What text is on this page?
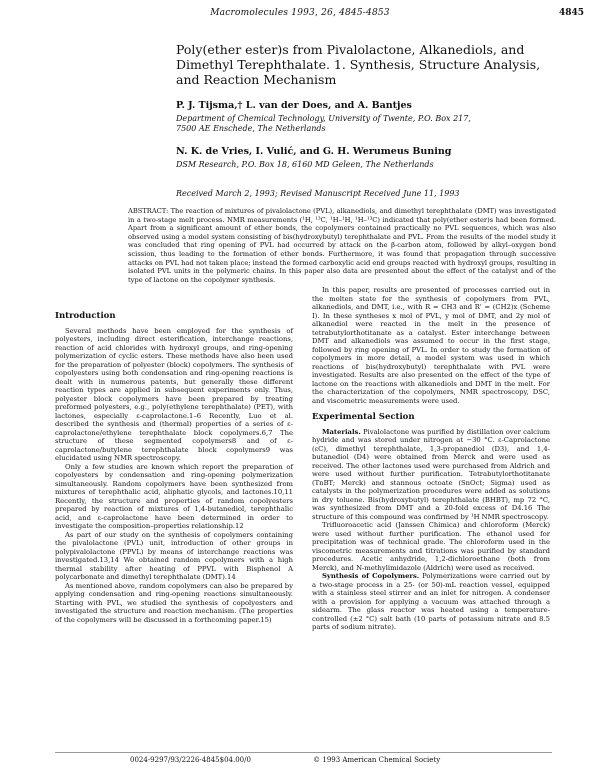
Macromolecules 1993, 26, 4845-4853	4845
Poly(ether ester)s from Pivalolactone, Alkanediols, and Dimethyl Terephthalate. 1. Synthesis, Structure Analysis, and Reaction Mechanism

P. J. Tijsma,† L. van der Does, and A. Bantjes

Department of Chemical Technology, University of Twente, P.O. Box 217,

7500 AE Enschede, The Netherlands

N. K. de Vries, I. Vulić, and G. H. Werumeus Buning

DSM Research, P.O. Box 18, 6160 MD Geleen, The Netherlands

Received March 2, 1993; Revised Manuscript Received June 11, 1993

ABSTRACT: The reaction of mixtures of pivalolactone (PVL), alkanediols, and dimethyl terephthalate (DMT) was investigated in a two-stage melt process. NMR measurements (¹H, ¹³C, ¹H–¹H, ¹H–¹³C) indicated that poly(ether ester)s had been formed. Apart from a significant amount of ether bonds, the copolymers contained practically no PVL sequences, which was also observed using a model system consisting of bis(hydroxybutyl) terephthalate and PVL. From the results of the model study it was concluded that ring opening of PVL had occurred by attack on the β-carbon atom, followed by alkyl–oxygen bond scission, thus leading to the formation of ether bonds. Furthermore, it was found that propagation through successive attacks on PVL had not taken place; instead the formed carboxylic acid end groups reacted with hydroxyl groups, resulting in isolated PVL units in the polymeric chains. In this paper also data are presented about the effect of the catalyst and of the type of lactone on the copolymer synthesis.

Introduction

Several methods have been employed for the synthesis of polyesters, including direct esterification, interchange reactions, reaction of acid chlorides with hydroxyl groups, and ring-opening polymerization of cyclic esters. These methods have also been used for the preparation of polyester (block) copolymers. The synthesis of copolyesters using both condensation and ring-opening reactions is dealt with in numerous patents, but generally these different reaction types are applied in subsequent experiments only. Thus, polyester block copolymers have been prepared by treating preformed polyesters, e.g., poly(ethylene terephthalate) (PET), with lactones, especially ε-caprolactone.1–6 Recently, Luo et al. described the synthesis and (thermal) properties of a series of ε-caprolactone/ethylene terephthalate block copolymers.6,7 The structure of these segmented copolymers8 and of ε-caprolactone/butylene terephthalate block copolymers9 was elucidated using NMR spectroscopy.

Only a few studies are known which report the preparation of copolyesters by condensation and ring-opening polymerization simultaneously. Random copolymers have been synthesized from mixtures of terephthalic acid, aliphatic glycols, and lactones.10,11 Recently, the structure and properties of random copolyesters prepared by reaction of mixtures of 1,4-butanediol, terephthalic acid, and ε-caprolactone have been determined in order to investigate the composition–properties relationship.12

As part of our study on the synthesis of copolymers containing the pivalolactone (PVL) unit, introduction of other groups in polypivalolactone (PPVL) by means of interchange reactions was investigated.13,14 We obtained random copolymers with a high thermal stability after heating of PPVL with Bisphenol A polycarbonate and dimethyl terephthalate (DMT).14

As mentioned above, random copolymers can also be prepared by applying condensation and ring-opening reactions simultaneously. Starting with PVL, we studied the synthesis of copolyesters and investigated the structure and reaction mechanism. (The properties of the copolymers will be discussed in a forthcoming paper.15)

In this paper, results are presented of processes carried out in the molten state for the synthesis of copolymers from PVL, alkanediols, and DMT, i.e., with R = CH3 and R' = (CH2)x (Scheme I). In these syntheses x mol of PVL, y mol of DMT, and 2y mol of alkanediol were reacted in the melt in the presence of tetrabutylorthotitanate as a catalyst. Ester interchange between DMT and alkanediols was assumed to occur in the first stage, followed by ring opening of PVL. In order to study the formation of copolymers in more detail, a model system was used in which reactions of bis(hydroxybutyl) terephthalate with PVL were investigated. Results are also presented on the effect of the type of lactone on the reactions with alkanediols and DMT in the melt. For the characterization of the copolymers, NMR spectroscopy, DSC, and viscometric measurements were used.

Experimental Section

Materials. Pivalolactone was purified by distillation over calcium hydride and was stored under nitrogen at −30 °C. ε-Caprolactone (εC), dimethyl terephthalate, 1,3-propanediol (D3), and 1,4-butanediol (D4) were obtained from Merck and were used as received. The other lactones used were purchased from Aldrich and were used without further purification. Tetrabutylorthotitanate (TnBT; Merck) and stannous octoate (SnOct; Sigma) used as catalysts in the polymerization procedures were added as solutions in dry toluene. Bis(hydroxybutyl) terephthalate (BHBT), mp 72 °C, was synthesized from DMT and a 20-fold excess of D4.16 The structure of this compound was confirmed by ¹H NMR spectroscopy.

Trifluoroacetic acid (Janssen Chimica) and chloroform (Merck) were used without further purification. The ethanol used for precipitation was of technical grade. The chloroform used in the viscometric measurements and titrations was purified by standard procedures. Acetic anhydride, 1,2-dichloroethane (both from Merck), and N-methylimidazole (Aldrich) were used as received.

Synthesis of Copolymers. Polymerizations were carried out by a two-stage process in a 25- (or 50)-mL reaction vessel, equipped with a stainless steel stirrer and an inlet for nitrogen. A condenser with a provision for applying a vacuum was attached through a sidearm. The glass reactor was heated using a temperature-controlled (±2 °C) salt bath (10 parts of potassium nitrate and 8.5 parts of sodium nitrate).

0024-9297/93/2226-4845$04.00/0	© 1993 American Chemical Society
